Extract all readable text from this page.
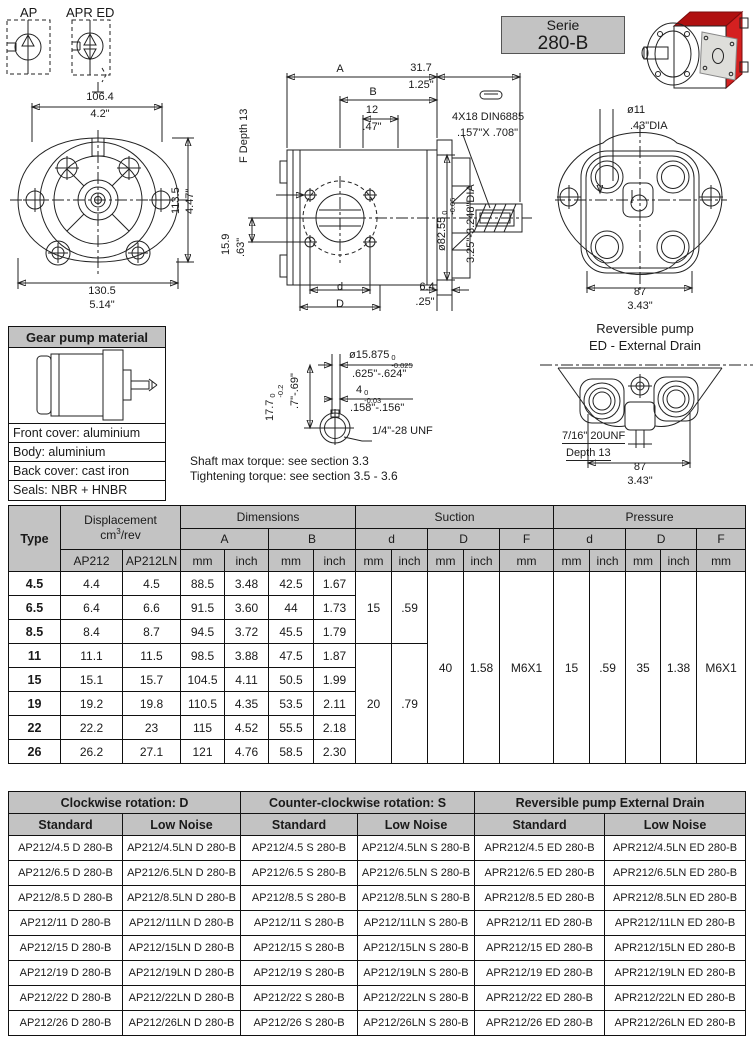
AP APR ED
106.4
4.2"
113.5 4.47"
130.5
5.14"
A	31.7
1.25"
B
12
.47"
4X18 DIN6885
.157"X .708"
F Depth 13
15.9 .63"
d
D
6.4
.25"
ø82.55
0
-0.05 3.25"-3.248"DIA
Serie
280-B
ø11
.43"DIA
87
3.43"
Gear pump material
Front cover: aluminium
Body: aluminium
Back cover: cast iron
Seals: NBR + HNBR
ø15.875 0
-0.025
.625"-.624"
4 0
-0.03
.158"-.156"
17.7
0
-0.2 .7"-.69"
1/4"-28 UNF
Shaft max torque: see section 3.3
Tightening torque: see section 3.5 - 3.6
Reversible pump
ED - External Drain
7/16" 20UNF
Depth 13
87
3.43"
Type	Displacement
$cm^3$/rev		Dimensions				Suction					Pressure				
			A		B		d		D		F	d		D		F
	AP212	AP212LN	mm	inch	mm	inch	mm	inch	mm	inch	mm	mm	inch	mm	inch	mm
4.5	4.4	4.5	88.5	3.48	42.5	1.67	15	.59	40	1.58	M6X1	15	.59	35	1.38	M6X1
6.5	6.4	6.6	91.5	3.60	44	1.73										
8.5	8.4	8.7	94.5	3.72	45.5	1.79										
11	11.1	11.5	98.5	3.88	47.5	1.87	20	.79								
15	15.1	15.7	104.5	4.11	50.5	1.99										
19	19.2	19.8	110.5	4.35	53.5	2.11										
22	22.2	23	115	4.52	55.5	2.18										
26	26.2	27.1	121	4.76	58.5	2.30										
Clockwise rotation: D		Counter-clockwise rotation: S		Reversible pump External Drain	
Standard	Low Noise	Standard	Low Noise	Standard	Low Noise
AP212/4.5 D 280-B	AP212/4.5LN D 280-B	AP212/4.5 S 280-B	AP212/4.5LN S 280-B	APR212/4.5 ED 280-B	APR212/4.5LN ED 280-B
AP212/6.5 D 280-B	AP212/6.5LN D 280-B	AP212/6.5 S 280-B	AP212/6.5LN S 280-B	APR212/6.5 ED 280-B	APR212/6.5LN ED 280-B
AP212/8.5 D 280-B	AP212/8.5LN D 280-B	AP212/8.5 S 280-B	AP212/8.5LN S 280-B	APR212/8.5 ED 280-B	APR212/8.5LN ED 280-B
AP212/11 D 280-B	AP212/11LN D 280-B	AP212/11 S 280-B	AP212/11LN S 280-B	APR212/11 ED 280-B	APR212/11LN ED 280-B
AP212/15 D 280-B	AP212/15LN D 280-B	AP212/15 S 280-B	AP212/15LN S 280-B	APR212/15 ED 280-B	APR212/15LN ED 280-B
AP212/19 D 280-B	AP212/19LN D 280-B	AP212/19 S 280-B	AP212/19LN S 280-B	APR212/19 ED 280-B	APR212/19LN ED 280-B
AP212/22 D 280-B	AP212/22LN D 280-B	AP212/22 S 280-B	AP212/22LN S 280-B	APR212/22 ED 280-B	APR212/22LN ED 280-B
AP212/26 D 280-B	AP212/26LN D 280-B	AP212/26 S 280-B	AP212/26LN S 280-B	APR212/26 ED 280-B	APR212/26LN ED 280-B
